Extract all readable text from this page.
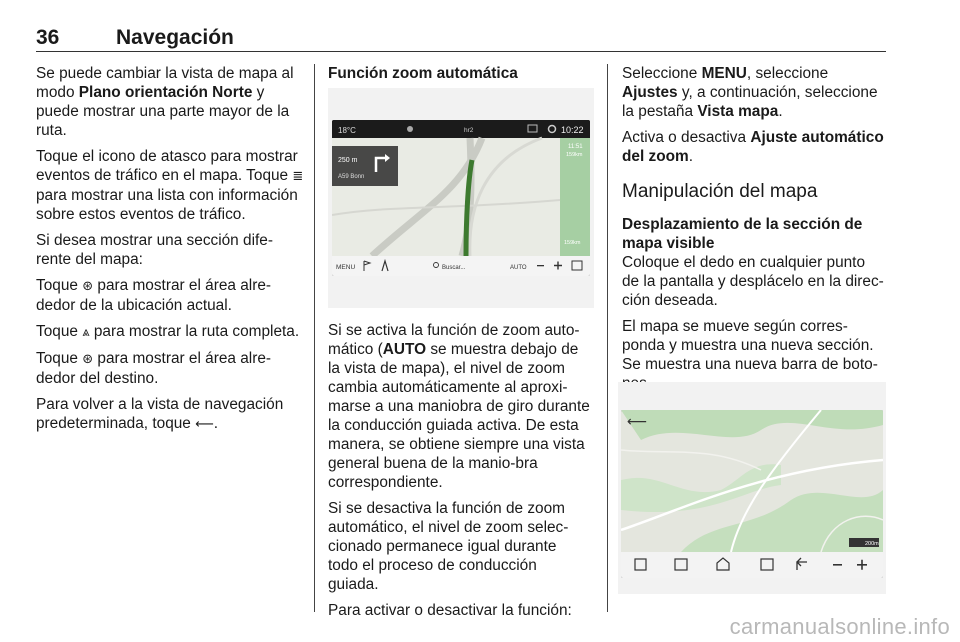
36	Navegación

Se puede cambiar la vista de mapa al modo Plano orientación Norte y puede mostrar una parte mayor de la ruta.

Toque el icono de atasco para mostrar eventos de tráfico en el mapa. Toque ≣ para mostrar una lista con información sobre estos eventos de tráfico.

Si desea mostrar una sección dife-rente del mapa:

Toque ⊛ para mostrar el área alre-dedor de la ubicación actual.

Toque ⩓ para mostrar la ruta completa.

Toque ⊛ para mostrar el área alre-dedor del destino.

Para volver a la vista de navegación predeterminada, toque ⟵.

Función zoom automática

18°C	hr2	10:22
250 m
A59 Bonn
11:51
159km
159km
MENU	Buscar...	AUTO

Si se activa la función de zoom auto-mático (AUTO se muestra debajo de la vista de mapa), el nivel de zoom cambia automáticamente al aproxi-marse a una maniobra de giro durante la conducción guiada activa. De esta manera, se obtiene siempre una vista general buena de la manio-bra correspondiente.

Si se desactiva la función de zoom automático, el nivel de zoom selec-cionado permanece igual durante todo el proceso de conducción guiada.

Para activar o desactivar la función:

Seleccione MENU, seleccione Ajustes y, a continuación, seleccione la pestaña Vista mapa.

Activa o desactiva Ajuste automático del zoom.

Manipulación del mapa

Desplazamiento de la sección de mapa visible

Coloque el dedo en cualquier punto de la pantalla y desplácelo en la direc-ción deseada.

El mapa se mueve según corres-ponda y muestra una nueva sección. Se muestra una nueva barra de boto-

⟵
200m
carmanualsonline.info
